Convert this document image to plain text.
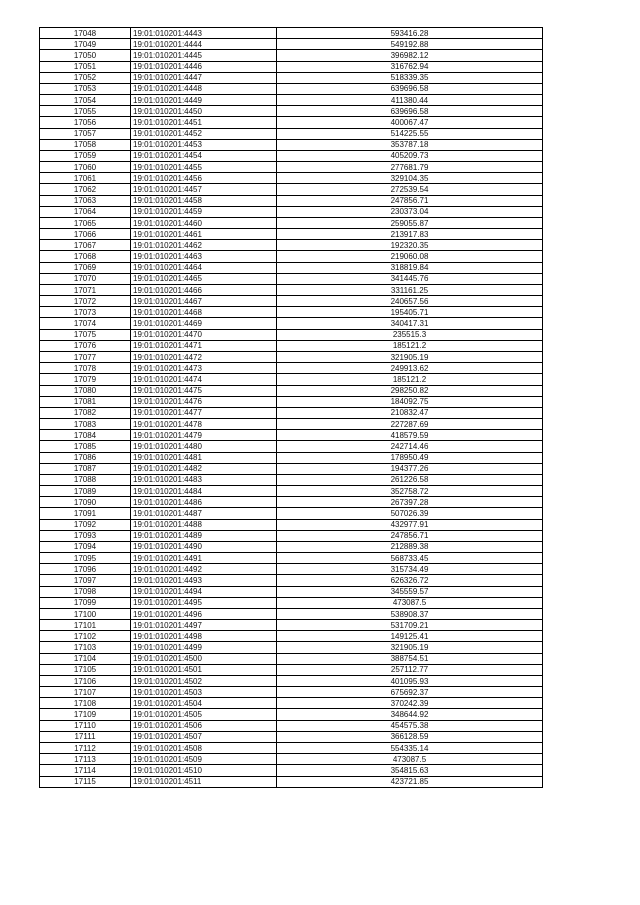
17048	19:01:010201:4443	593416.28
17049	19:01:010201:4444	549192.88
17050	19:01:010201:4445	396982.12
17051	19:01:010201:4446	316762.94
17052	19:01:010201:4447	518339.35
17053	19:01:010201:4448	639696.58
17054	19:01:010201:4449	411380.44
17055	19:01:010201:4450	639696.58
17056	19:01:010201:4451	400067.47
17057	19:01:010201:4452	514225.55
17058	19:01:010201:4453	353787.18
17059	19:01:010201:4454	405209.73
17060	19:01:010201:4455	277681.79
17061	19:01:010201:4456	329104.35
17062	19:01:010201:4457	272539.54
17063	19:01:010201:4458	247856.71
17064	19:01:010201:4459	230373.04
17065	19:01:010201:4460	259055.87
17066	19:01:010201:4461	213917.83
17067	19:01:010201:4462	192320.35
17068	19:01:010201:4463	219060.08
17069	19:01:010201:4464	318819.84
17070	19:01:010201:4465	341445.76
17071	19:01:010201:4466	331161.25
17072	19:01:010201:4467	240657.56
17073	19:01:010201:4468	195405.71
17074	19:01:010201:4469	340417.31
17075	19:01:010201:4470	235515.3
17076	19:01:010201:4471	185121.2
17077	19:01:010201:4472	321905.19
17078	19:01:010201:4473	249913.62
17079	19:01:010201:4474	185121.2
17080	19:01:010201:4475	298250.82
17081	19:01:010201:4476	184092.75
17082	19:01:010201:4477	210832.47
17083	19:01:010201:4478	227287.69
17084	19:01:010201:4479	418579.59
17085	19:01:010201:4480	242714.46
17086	19:01:010201:4481	178950.49
17087	19:01:010201:4482	194377.26
17088	19:01:010201:4483	261226.58
17089	19:01:010201:4484	352758.72
17090	19:01:010201:4486	267397.28
17091	19:01:010201:4487	507026.39
17092	19:01:010201:4488	432977.91
17093	19:01:010201:4489	247856.71
17094	19:01:010201:4490	212889.38
17095	19:01:010201:4491	568733.45
17096	19:01:010201:4492	315734.49
17097	19:01:010201:4493	626326.72
17098	19:01:010201:4494	345559.57
17099	19:01:010201:4495	473087.5
17100	19:01:010201:4496	538908.37
17101	19:01:010201:4497	531709.21
17102	19:01:010201:4498	149125.41
17103	19:01:010201:4499	321905.19
17104	19:01:010201:4500	388754.51
17105	19:01:010201:4501	257112.77
17106	19:01:010201:4502	401095.93
17107	19:01:010201:4503	675692.37
17108	19:01:010201:4504	370242.39
17109	19:01:010201:4505	348644.92
17110	19:01:010201:4506	454575.38
17111	19:01:010201:4507	366128.59
17112	19:01:010201:4508	554335.14
17113	19:01:010201:4509	473087.5
17114	19:01:010201:4510	354815.63
17115	19:01:010201:4511	423721.85
